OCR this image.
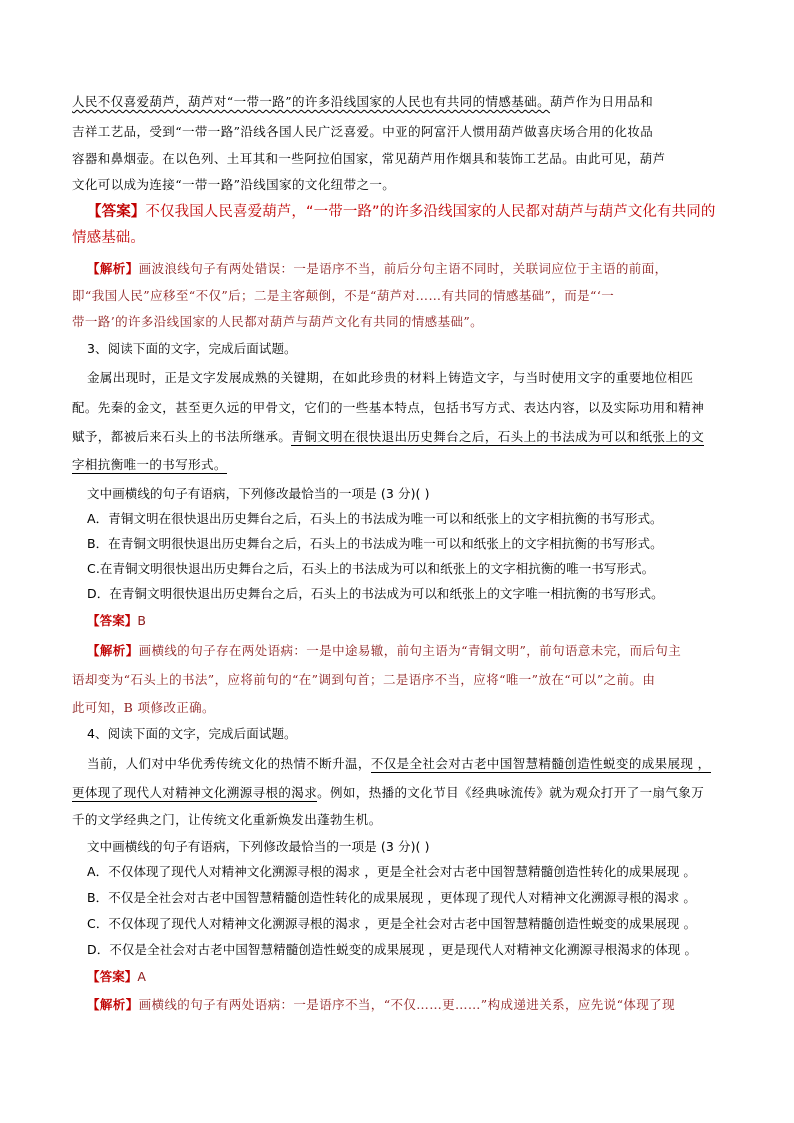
人民不仅喜爱葫芦，葫芦对“一带一路”的许多沿线国家的人民也有共同的情感基础。葫芦作为日用品和
吉祥工艺品，受到“一带一路”沿线各国人民广泛喜爱。中亚的阿富汗人惯用葫芦做喜庆场合用的化妆品
容器和鼻烟壶。在以色列、土耳其和一些阿拉伯国家，常见葫芦用作烟具和装饰工艺品。由此可见，葫芦
文化可以成为连接“一带一路”沿线国家的文化纽带之一。
【答案】不仅我国人民喜爱葫芦，“一带一路”的许多沿线国家的人民都对葫芦与葫芦文化有共同的
情感基础。
【解析】画波浪线句子有两处错误：一是语序不当，前后分句主语不同时，关联词应位于主语的前面，
即“我国人民”应移至“不仅”后；二是主客颠倒，不是“葫芦对……有共同的情感基础”，而是“‘一
带一路’的许多沿线国家的人民都对葫芦与葫芦文化有共同的情感基础”。
3、阅读下面的文字，完成后面试题。
金属出现时，正是文字发展成熟的关键期，在如此珍贵的材料上铸造文字，与当时使用文字的重要地位相匹
配。先秦的金文，甚至更久远的甲骨文，它们的一些基本特点，包括书写方式、表达内容，以及实际功用和精神
赋予，都被后来石头上的书法所继承。青铜文明在很快退出历史舞台之后，石头上的书法成为可以和纸张上的文
字相抗衡唯一的书写形式。
文中画横线的句子有语病，下列修改最恰当的一项是 (3 分)( )
A．青铜文明在很快退出历史舞台之后，石头上的书法成为唯一可以和纸张上的文字相抗衡的书写形式。
B．在青铜文明很快退出历史舞台之后，石头上的书法成为唯一可以和纸张上的文字相抗衡的书写形式。
C.在青铜文明很快退出历史舞台之后，石头上的书法成为可以和纸张上的文字相抗衡的唯一书写形式。
D．在青铜文明很快退出历史舞台之后，石头上的书法成为可以和纸张上的文字唯一相抗衡的书写形式。
【答案】B
【解析】画横线的句子存在两处语病：一是中途易辙，前句主语为“青铜文明”，前句语意未完，而后句主
语却变为“石头上的书法”，应将前句的“在”调到句首；二是语序不当，应将“唯一”放在“可以”之前。由
此可知，B 项修改正确。
4、阅读下面的文字，完成后面试题。
当前，人们对中华优秀传统文化的热情不断升温，不仅是全社会对古老中国智慧精髓创造性蜕变的成果展现 ，
更体现了现代人对精神文化溯源寻根的渴求。例如，热播的文化节目《经典咏流传》就为观众打开了一扇气象万
千的文学经典之门，让传统文化重新焕发出蓬勃生机。
文中画横线的句子有语病，下列修改最恰当的一项是 (3 分)( )
A．不仅体现了现代人对精神文化溯源寻根的渴求 ，更是全社会对古老中国智慧精髓创造性转化的成果展现 。
B．不仅是全社会对古老中国智慧精髓创造性转化的成果展现 ，更体现了现代人对精神文化溯源寻根的渴求 。
C．不仅体现了现代人对精神文化溯源寻根的渴求 ，更是全社会对古老中国智慧精髓创造性蜕变的成果展现 。
D．不仅是全社会对古老中国智慧精髓创造性蜕变的成果展现 ，更是现代人对精神文化溯源寻根渴求的体现 。
【答案】A
【解析】画横线的句子有两处语病：一是语序不当，“不仅……更……”构成递进关系，应先说“体现了现
